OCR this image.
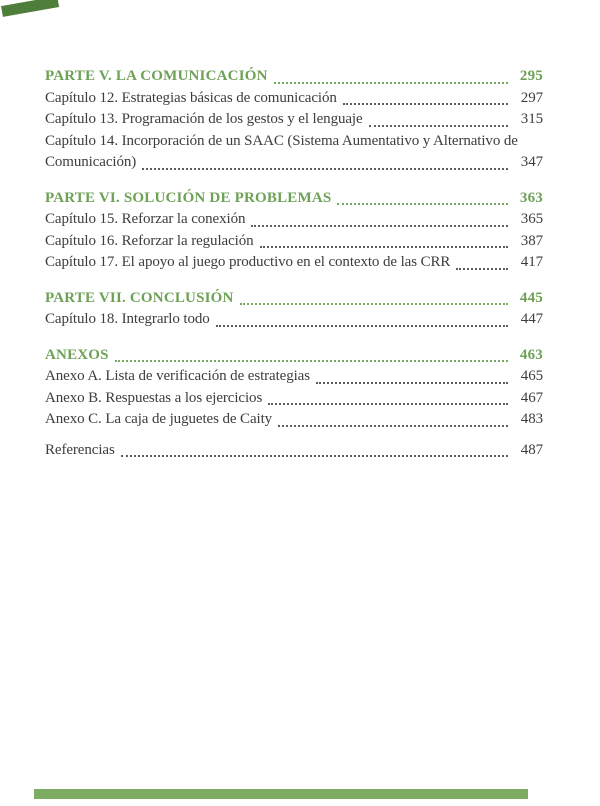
PARTE V. LA COMUNICACIÓN	295
Capítulo 12. Estrategias básicas de comunicación	297
Capítulo 13. Programación de los gestos y el lenguaje	315
Capítulo 14. Incorporación de un SAAC (Sistema Aumentativo y Alternativo de
Comunicación)	347
PARTE VI. SOLUCIÓN DE PROBLEMAS	363
Capítulo 15. Reforzar la conexión	365
Capítulo 16. Reforzar la regulación	387
Capítulo 17. El apoyo al juego productivo en el contexto de las CRR	417
PARTE VII. CONCLUSIÓN	445
Capítulo 18. Integrarlo todo	447
ANEXOS	463
Anexo A. Lista de verificación de estrategias	465
Anexo B. Respuestas a los ejercicios	467
Anexo C. La caja de juguetes de Caity	483
Referencias	487
